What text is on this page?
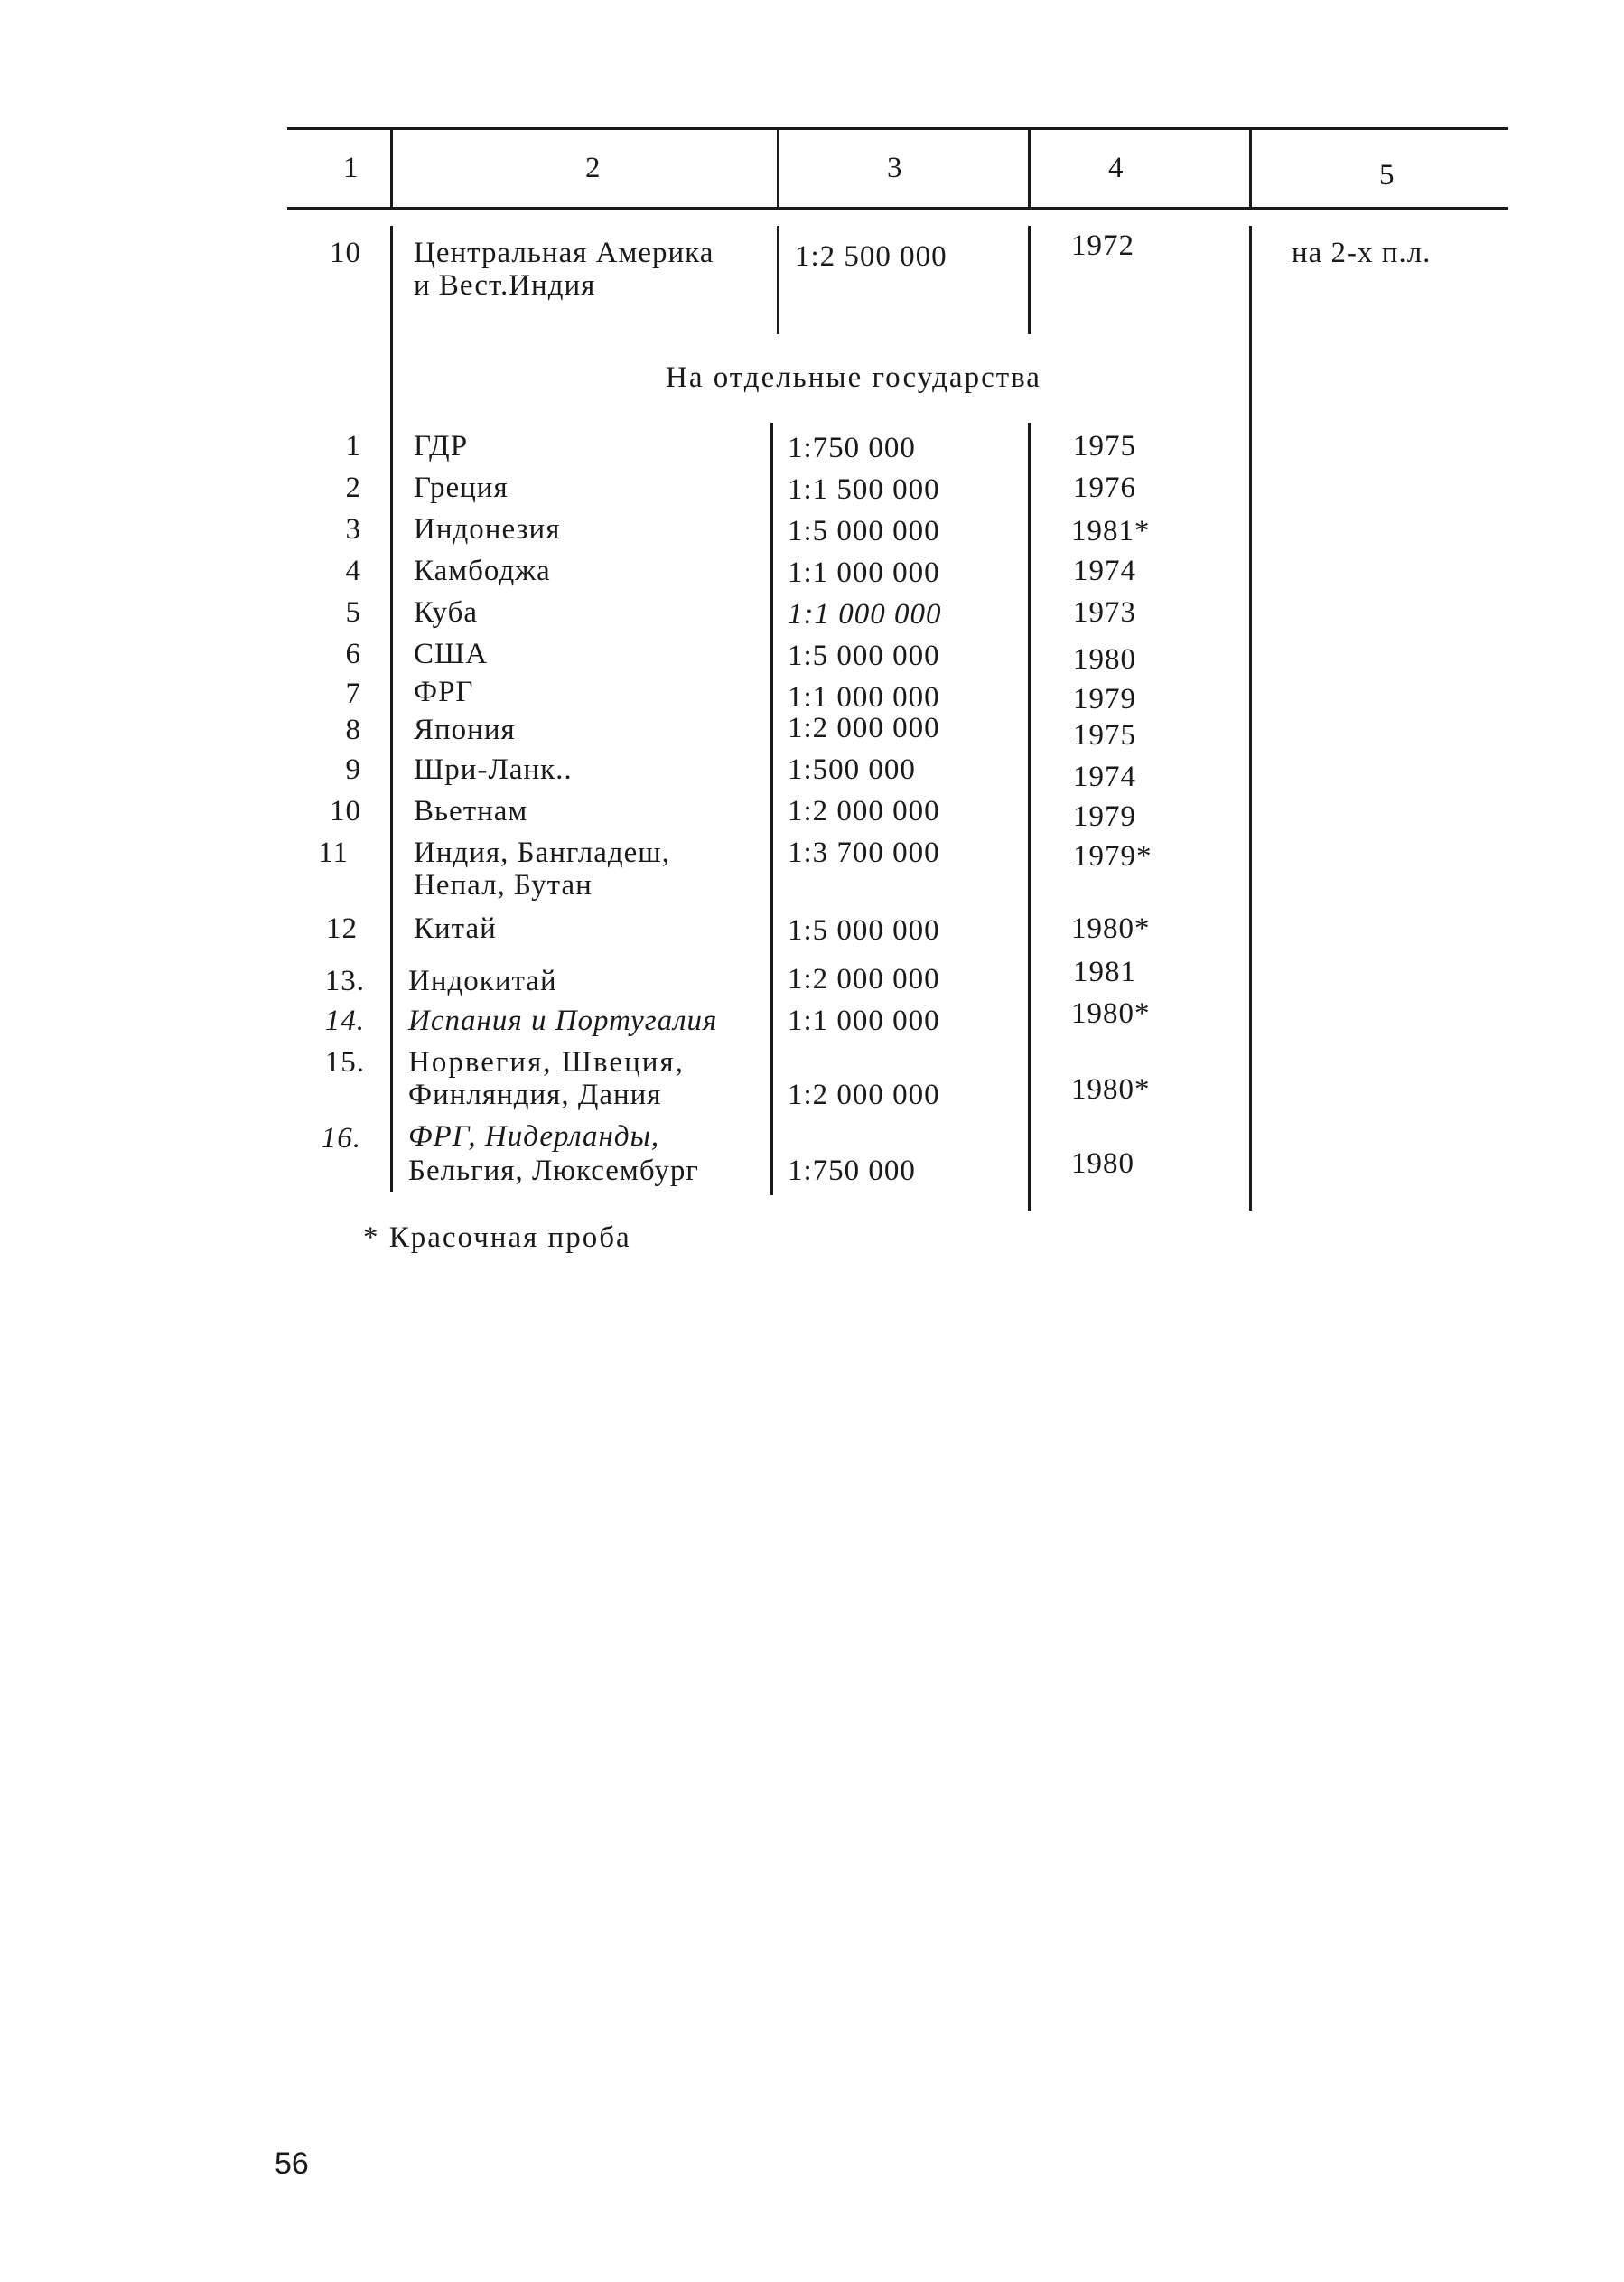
1	2	3	4	5
10 Центральная Америка
и Вест.Индия
1:2 500 000	1972	на 2-х п.л.
На отдельные государства
1 ГДР	1:750 000	1975
2 Греция	1:1 500 000	1976
3 Индонезия	1:5 000 000	1981*
4 Камбоджа	1:1 000 000	1974
5 Куба	1:1 000 000	1973
6 США	1:5 000 000	1980
7 ФРГ	1:1 000 000	1979
8 Япония	1:2 000 000	1975
9 Шри-Ланк..	1:500 000	1974
10 Вьетнам	1:2 000 000	1979
11 Индия, Бангладеш,
Непал, Бутан
1:3 700 000	1979*
12 Китай	1:5 000 000	1980*
13. Индокитай	1:2 000 000	1981
14. Испания и Португалия 1:1 000 000	1980*
15. Норвегия, Швеция,
Финляндия, Дания	1:2 000 000	1980*
16. ФРГ, Нидерланды,
Бельгия, Люксембург	1:750 000	1980
* Красочная проба
56
